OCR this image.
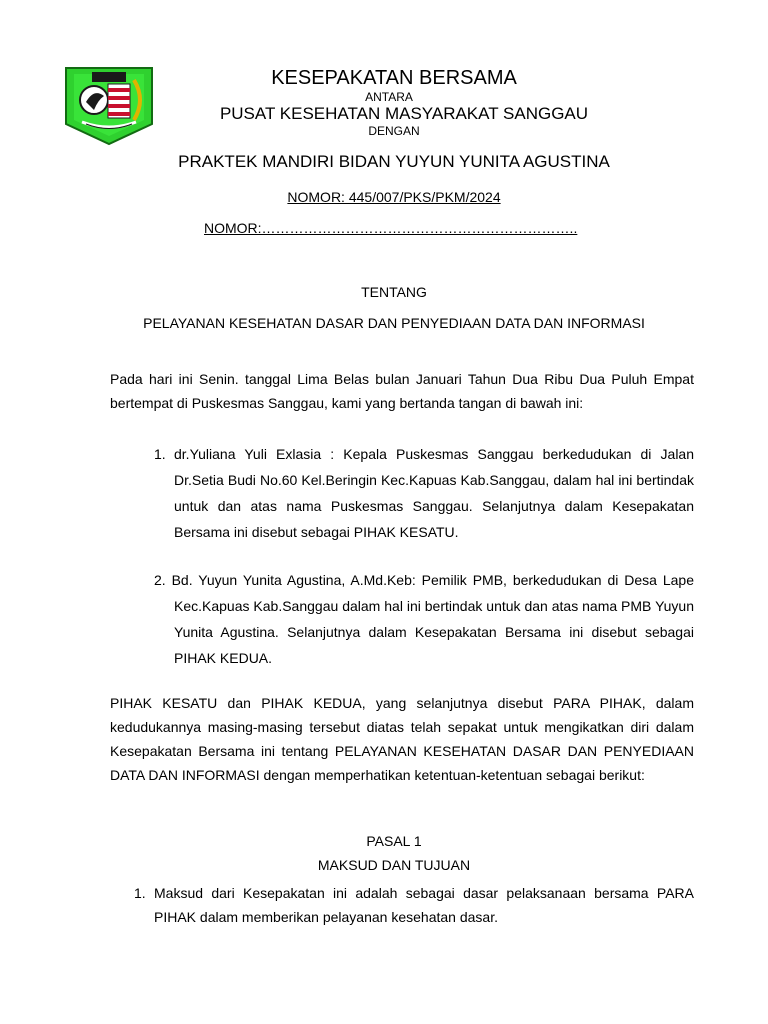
KESEPAKATAN BERSAMA
ANTARA
PUSAT KESEHATAN MASYARAKAT SANGGAU
DENGAN
PRAKTEK MANDIRI BIDAN YUYUN YUNITA AGUSTINA
NOMOR: 445/007/PKS/PKM/2024
NOMOR:…………………………………………………………..
TENTANG
PELAYANAN KESEHATAN DASAR DAN PENYEDIAAN DATA DAN INFORMASI

Pada hari ini Senin. tanggal Lima Belas bulan Januari Tahun Dua Ribu Dua Puluh Empat bertempat di Puskesmas Sanggau, kami yang bertanda tangan di bawah ini:

1. dr.Yuliana Yuli Exlasia : Kepala Puskesmas Sanggau berkedudukan di Jalan Dr.Setia Budi No.60 Kel.Beringin Kec.Kapuas Kab.Sanggau, dalam hal ini bertindak untuk dan atas nama Puskesmas Sanggau. Selanjutnya dalam Kesepakatan Bersama ini disebut sebagai PIHAK KESATU.
2. Bd. Yuyun Yunita Agustina, A.Md.Keb: Pemilik PMB, berkedudukan di Desa Lape Kec.Kapuas Kab.Sanggau dalam hal ini bertindak untuk dan atas nama PMB Yuyun Yunita Agustina. Selanjutnya dalam Kesepakatan Bersama ini disebut sebagai PIHAK KEDUA.

PIHAK KESATU dan PIHAK KEDUA, yang selanjutnya disebut PARA PIHAK, dalam kedudukannya masing-masing tersebut diatas telah sepakat untuk mengikatkan diri dalam Kesepakatan Bersama ini tentang PELAYANAN KESEHATAN DASAR DAN PENYEDIAAN DATA DAN INFORMASI dengan memperhatikan ketentuan-ketentuan sebagai berikut:

PASAL 1
MAKSUD DAN TUJUAN
1. Maksud dari Kesepakatan ini adalah sebagai dasar pelaksanaan bersama PARA PIHAK dalam memberikan pelayanan kesehatan dasar.
